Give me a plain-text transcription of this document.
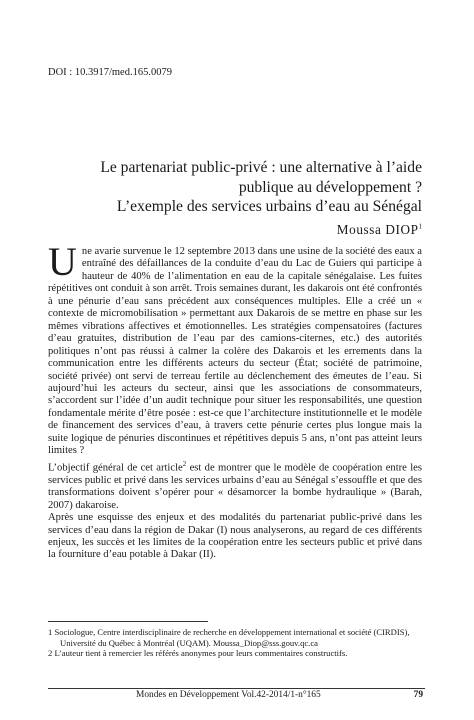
DOI : 10.3917/med.165.0079
Le partenariat public-privé : une alternative à l’aide
publique au développement ?
L’exemple des services urbains d’eau au Sénégal
Moussa DIOP$^1$

Une avarie survenue le 12 septembre 2013 dans une usine de la société des eaux a entraîné des défaillances de la conduite d’eau du Lac de Guiers qui participe à hauteur de 40% de l’alimentation en eau de la capitale sénégalaise. Les fuites répétitives ont conduit à son arrêt. Trois semaines durant, les dakarois ont été confrontés à une pénurie d’eau sans précédent aux conséquences multiples. Elle a créé un « contexte de micromobilisation » permettant aux Dakarois de se mettre en phase sur les mêmes vibrations affectives et émotionnelles. Les stratégies compensatoires (factures d’eau gratuites, distribution de l’eau par des camions-citernes, etc.) des autorités politiques n’ont pas réussi à calmer la colère des Dakarois et les errements dans la communication entre les différents acteurs du secteur (État; société de patrimoine, société privée) ont servi de terreau fertile au déclenchement des émeutes de l’eau. Si aujourd’hui les acteurs du secteur, ainsi que les associations de consommateurs, s’accordent sur l’idée d’un audit technique pour situer les responsabilités, une question fondamentale mérite d’être posée : est-ce que l’architecture institutionnelle et le modèle de financement des services d’eau, à travers cette pénurie certes plus longue mais la suite logique de pénuries discontinues et répétitives depuis 5 ans, n’ont pas atteint leurs limites ?

L’objectif général de cet article$^2$ est de montrer que le modèle de coopération entre les services public et privé dans les services urbains d’eau au Sénégal s’essouffle et que des transformations doivent s’opérer pour « désamorcer la bombe hydraulique » (Barah, 2007) dakaroise.

Après une esquisse des enjeux et des modalités du partenariat public-privé dans les services d’eau dans la région de Dakar (I) nous analyserons, au regard de ces différents enjeux, les succès et les limites de la coopération entre les secteurs public et privé dans la fourniture d’eau potable à Dakar (II).

1 Sociologue, Centre interdisciplinaire de recherche en développement international et société (CIRDIS), Université du Québec à Montréal (UQAM). Moussa_Diop@sss.gouv.qc.ca

2 L’auteur tient à remercier les référés anonymes pour leurs commentaires constructifs.

Mondes en Développement Vol.42-2014/1-n°165	79
